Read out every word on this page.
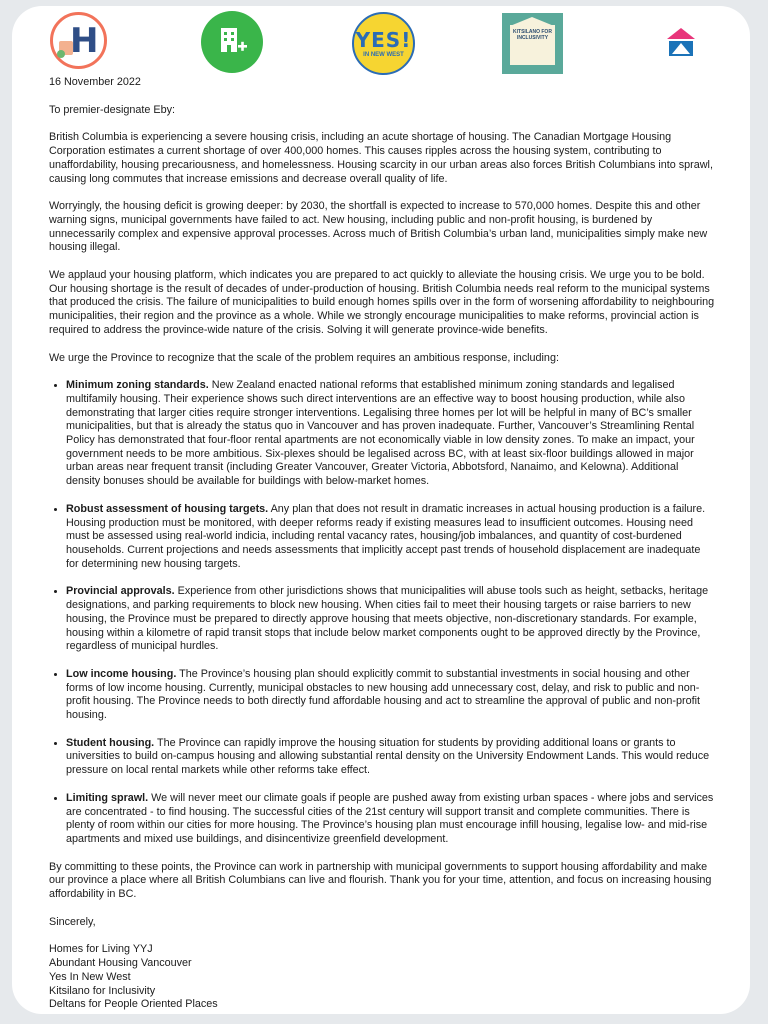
H	YES!
IN NEW WEST
KITSILANO FOR INCLUSIVITY

16 November 2022

To premier-designate Eby:

British Columbia is experiencing a severe housing crisis, including an acute shortage of housing. The Canadian Mortgage Housing Corporation estimates a current shortage of over 400,000 homes. This causes ripples across the housing system, contributing to unaffordability, housing precariousness, and homelessness. Housing scarcity in our urban areas also forces British Columbians into sprawl, causing long commutes that increase emissions and decrease overall quality of life.

Worryingly, the housing deficit is growing deeper: by 2030, the shortfall is expected to increase to 570,000 homes. Despite this and other warning signs, municipal governments have failed to act. New housing, including public and non-profit housing, is burdened by unnecessarily complex and expensive approval processes. Across much of British Columbia’s urban land, municipalities simply make new housing illegal.

We applaud your housing platform, which indicates you are prepared to act quickly to alleviate the housing crisis. We urge you to be bold. Our housing shortage is the result of decades of under-production of housing. British Columbia needs real reform to the municipal systems that produced the crisis. The failure of municipalities to build enough homes spills over in the form of worsening affordability to neighbouring municipalities, their region and the province as a whole. While we strongly encourage municipalities to make reforms, provincial action is required to address the province-wide nature of the crisis. Solving it will generate province-wide benefits.

We urge the Province to recognize that the scale of the problem requires an ambitious response, including:

• Minimum zoning standards. New Zealand enacted national reforms that established minimum zoning standards and legalised multifamily housing. Their experience shows such direct interventions are an effective way to boost housing production, while also demonstrating that larger cities require stronger interventions. Legalising three homes per lot will be helpful in many of BC’s smaller municipalities, but that is already the status quo in Vancouver and has proven inadequate. Further, Vancouver’s Streamlining Rental Policy has demonstrated that four-floor rental apartments are not economically viable in low density zones. To make an impact, your government needs to be more ambitious. Six-plexes should be legalised across BC, with at least six-floor buildings allowed in major urban areas near frequent transit (including Greater Vancouver, Greater Victoria, Abbotsford, Nanaimo, and Kelowna). Additional density bonuses should be available for buildings with below-market homes.
• Robust assessment of housing targets. Any plan that does not result in dramatic increases in actual housing production is a failure. Housing production must be monitored, with deeper reforms ready if existing measures lead to insufficient outcomes. Housing need must be assessed using real-world indicia, including rental vacancy rates, housing/job imbalances, and quantity of cost-burdened households. Current projections and needs assessments that implicitly accept past trends of household displacement are inadequate for determining new housing targets.
• Provincial approvals. Experience from other jurisdictions shows that municipalities will abuse tools such as height, setbacks, heritage designations, and parking requirements to block new housing. When cities fail to meet their housing targets or raise barriers to new housing, the Province must be prepared to directly approve housing that meets objective, non-discretionary standards. For example, housing within a kilometre of rapid transit stops that include below market components ought to be approved directly by the Province, regardless of municipal hurdles.
• Low income housing. The Province’s housing plan should explicitly commit to substantial investments in social housing and other forms of low income housing. Currently, municipal obstacles to new housing add unnecessary cost, delay, and risk to public and non-profit housing. The Province needs to both directly fund affordable housing and act to streamline the approval of public and non-profit housing.
• Student housing. The Province can rapidly improve the housing situation for students by providing additional loans or grants to universities to build on-campus housing and allowing substantial rental density on the University Endowment Lands. This would reduce pressure on local rental markets while other reforms take effect.
• Limiting sprawl. We will never meet our climate goals if people are pushed away from existing urban spaces - where jobs and services are concentrated - to find housing. The successful cities of the 21st century will support transit and complete communities. There is plenty of room within our cities for more housing. The Province’s housing plan must encourage infill housing, legalise low- and mid-rise apartments and mixed use buildings, and disincentivize greenfield development.

By committing to these points, the Province can work in partnership with municipal governments to support housing affordability and make our province a place where all British Columbians can live and flourish. Thank you for your time, attention, and focus on increasing housing affordability in BC.

Sincerely,

Homes for Living YYJ

Abundant Housing Vancouver

Yes In New West

Kitsilano for Inclusivity

Deltans for People Oriented Places
